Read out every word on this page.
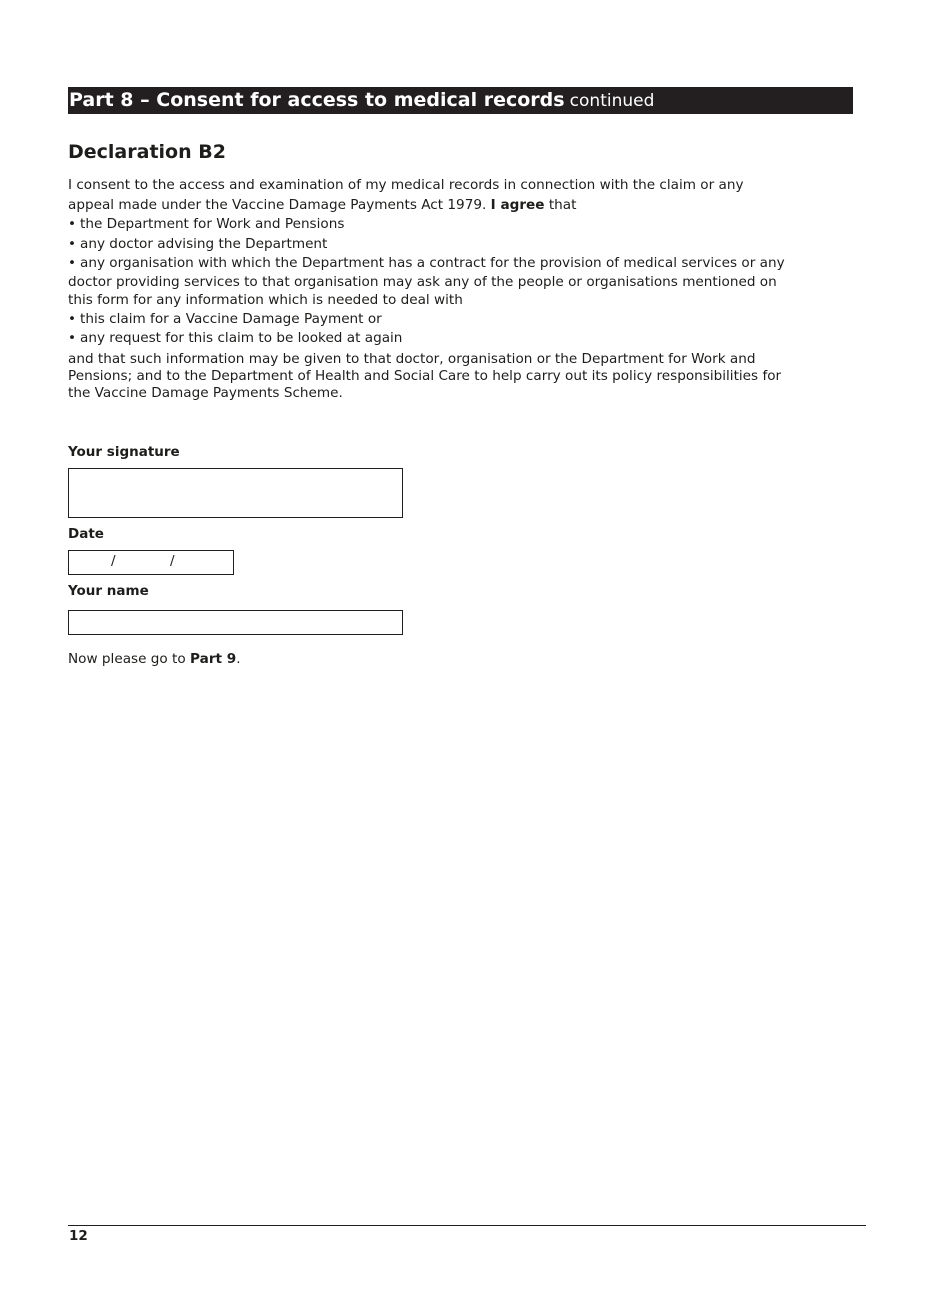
Part 8 – Consent for access to medical records continued
Declaration B2

I consent to the access and examination of my medical records in connection with the claim or any appeal made under the Vaccine Damage Payments Act 1979. I agree that

• the Department for Work and Pensions
• any doctor advising the Department
• any organisation with which the Department has a contract for the provision of medical services or any doctor providing services to that organisation may ask any of the people or organisations mentioned on this form for any information which is needed to deal with
• this claim for a Vaccine Damage Payment or
• any request for this claim to be looked at again

and that such information may be given to that doctor, organisation or the Department for Work and Pensions; and to the Department of Health and Social Care to help carry out its policy responsibilities for the Vaccine Damage Payments Scheme.

Your signature
Date
/	/
Your name
Now please go to Part 9.
12
